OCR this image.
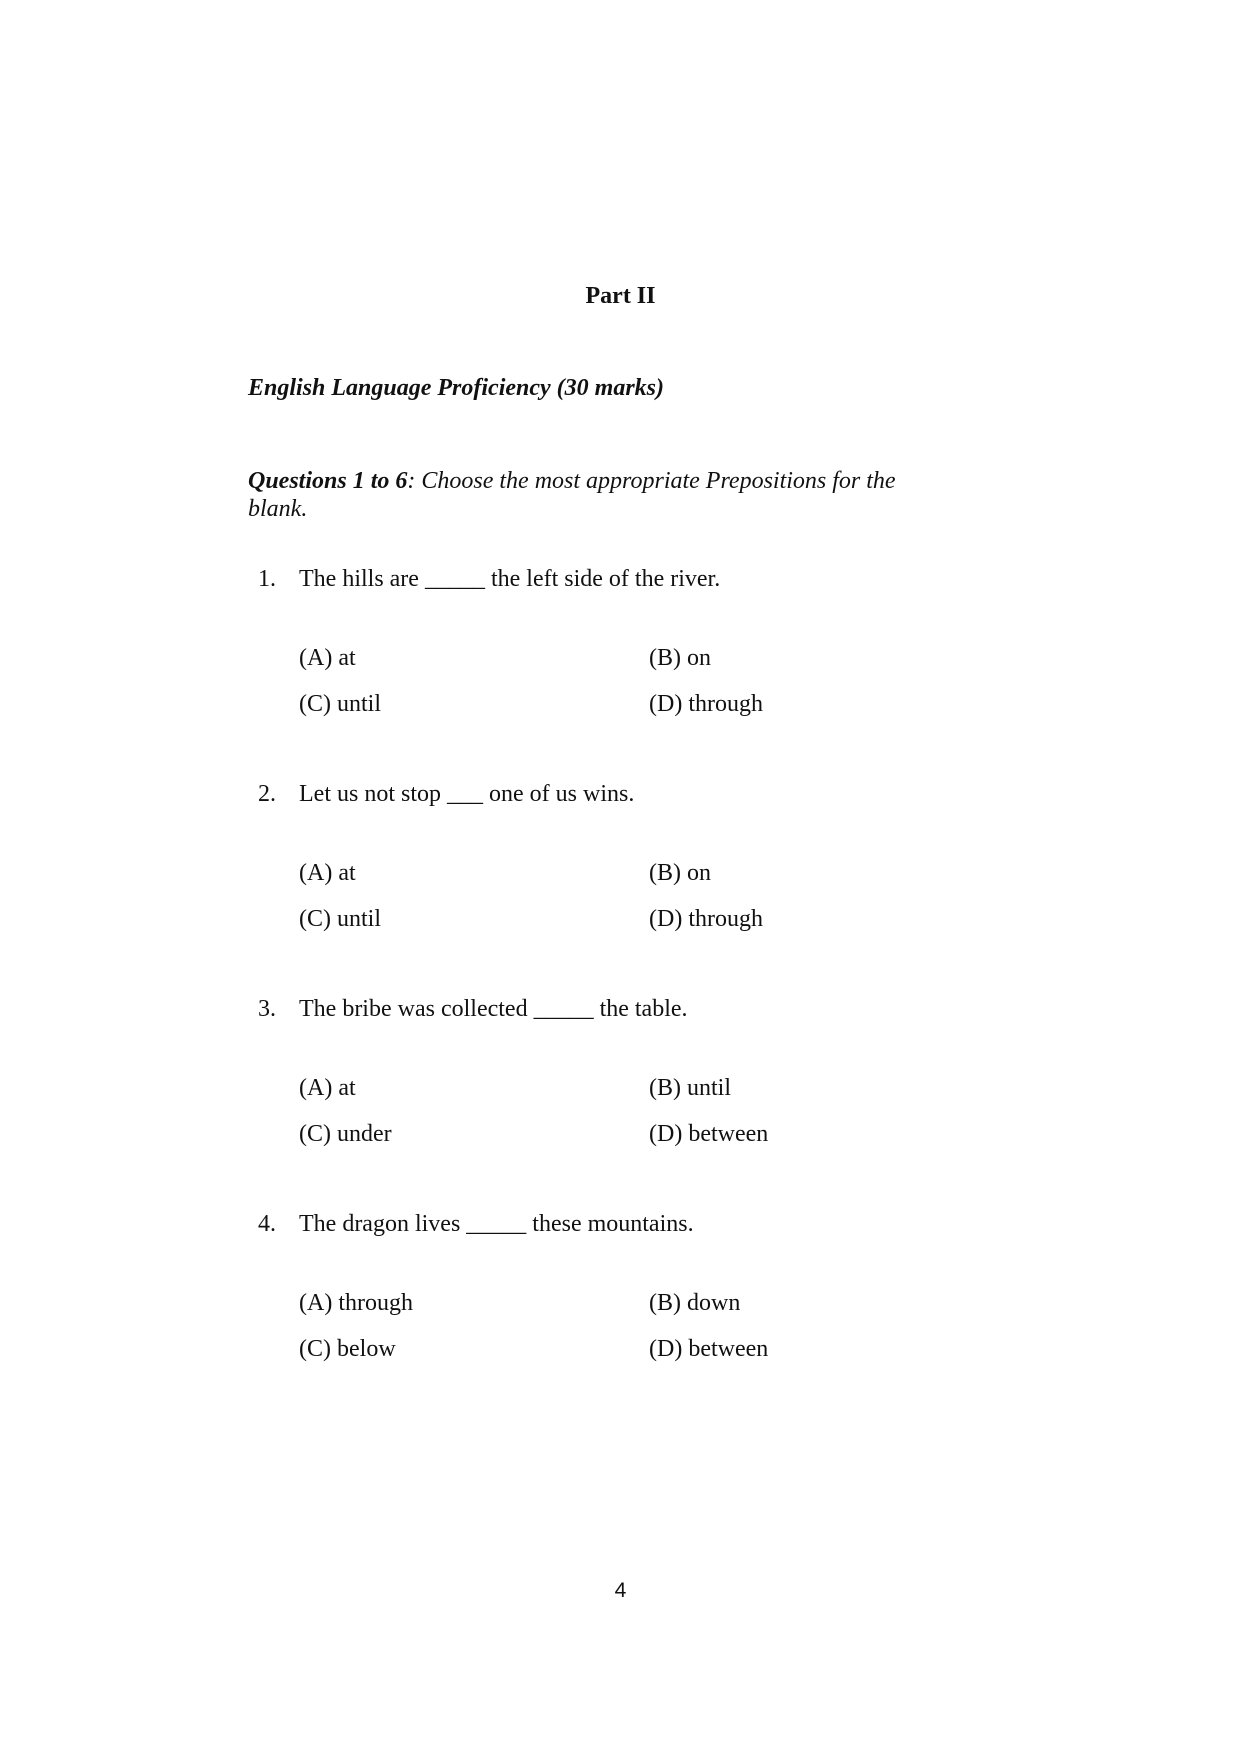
Part II
English Language Proficiency (30 marks)

Questions 1 to 6: Choose the most appropriate Prepositions for the blank.

1. The hills are _____ the left side of the river.
(A) at	(B) on
(C) until	(D) through
2. Let us not stop ___ one of us wins.
(A) at	(B) on
(C) until	(D) through
3. The bribe was collected _____ the table.
(A) at	(B) until
(C) under	(D) between
4. The dragon lives _____ these mountains.
(A) through	(B) down
(C) below	(D) between

4
